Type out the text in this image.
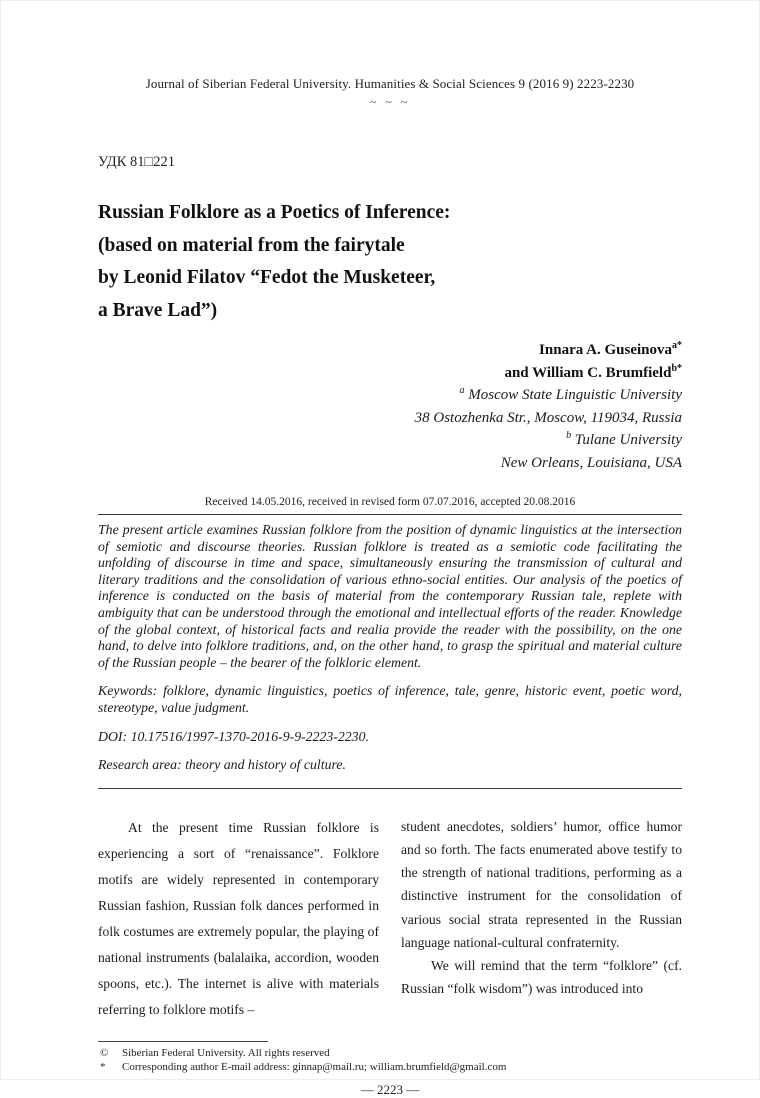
Journal of Siberian Federal University. Humanities & Social Sciences 9 (2016 9) 2223-2230
~ ~ ~
УДК 81□221
Russian Folklore as a Poetics of Inference:
(based on material from the fairytale
by Leonid Filatov “Fedot the Musketeer,
a Brave Lad”)
Innara A. Guseinova$^{a*}$
and William C. Brumfield$^{b*}$
$^a$ Moscow State Linguistic University
38 Ostozhenka Str., Moscow, 119034, Russia
$^b$ Tulane University
New Orleans, Louisiana, USA
Received 14.05.2016, received in revised form 07.07.2016, accepted 20.08.2016
The present article examines Russian folklore from the position of dynamic linguistics at the intersection of semiotic and discourse theories. Russian folklore is treated as a semiotic code facilitating the unfolding of discourse in time and space, simultaneously ensuring the transmission of cultural and literary traditions and the consolidation of various ethno-social entities. Our analysis of the poetics of inference is conducted on the basis of material from the contemporary Russian tale, replete with ambiguity that can be understood through the emotional and intellectual efforts of the reader. Knowledge of the global context, of historical facts and realia provide the reader with the possibility, on the one hand, to delve into folklore traditions, and, on the other hand, to grasp the spiritual and material culture of the Russian people – the bearer of the folkloric element.
Keywords: folklore, dynamic linguistics, poetics of inference, tale, genre, historic event, poetic word, stereotype, value judgment.
DOI: 10.17516/1997-1370-2016-9-9-2223-2230.
Research area: theory and history of culture.

At the present time Russian folklore is experiencing a sort of “renaissance”. Folklore motifs are widely represented in contemporary Russian fashion, Russian folk dances performed in folk costumes are extremely popular, the playing of national instruments (balalaika, accordion, wooden spoons, etc.). The internet is alive with materials referring to folklore motifs –

student anecdotes, soldiers’ humor, office humor and so forth. The facts enumerated above testify to the strength of national traditions, performing as a distinctive instrument for the consolidation of various social strata represented in the Russian language national-cultural confraternity.

We will remind that the term “folklore” (cf. Russian “folk wisdom”) was introduced into

©	Siberian Federal University. All rights reserved
*	Corresponding author E-mail address: ginnap@mail.ru; william.brumfield@gmail.com
— 2223 —
